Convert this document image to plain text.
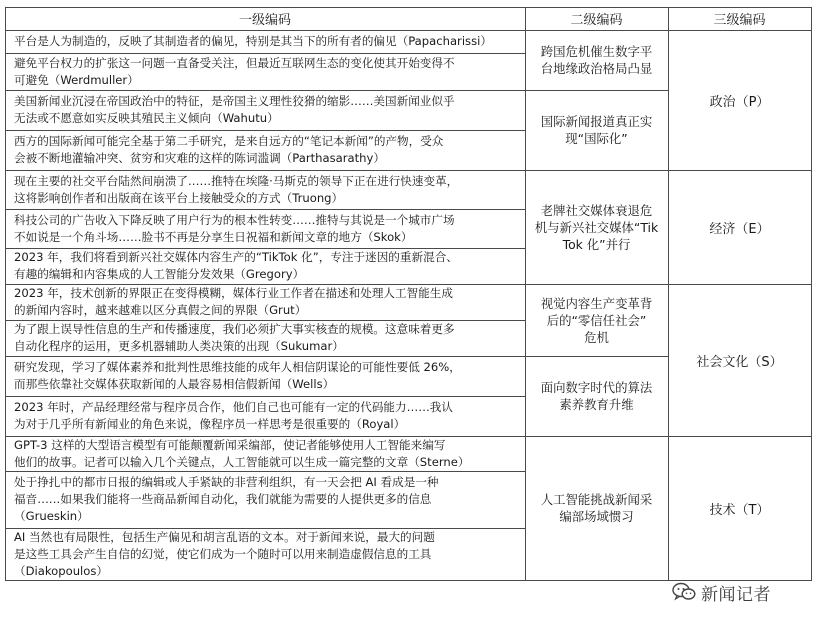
一级编码	二级编码	三级编码
平台是人为制造的，反映了其制造者的偏见，特别是其当下的所有者的偏见（Papacharissi）
避免平台权力的扩张这一问题一直备受关注，但最近互联网生态的变化使其开始变得不
可避免（Werdmuller）
美国新闻业沉浸在帝国政治中的特征，是帝国主义理性狡猾的缩影……美国新闻业似乎
无法或不愿意如实反映其殖民主义倾向（Wahutu）
西方的国际新闻可能完全基于第二手研究，是来自远方的“笔记本新闻”的产物，受众
会被不断地灌输冲突、贫穷和灾难的这样的陈词滥调（Parthasarathy）
现在主要的社交平台陆然间崩溃了……推特在埃隆·马斯克的领导下正在进行快速变革，
这将影响创作者和出版商在该平台上接触受众的方式（Truong）
科技公司的广告收入下降反映了用户行为的根本性转变……推特与其说是一个城市广场
不如说是一个角斗场……脸书不再是分享生日祝福和新闻文章的地方（Skok）
2023 年，我们将看到新兴社交媒体内容生产的“TikTok 化”，专注于迷因的重新混合、
有趣的编辑和内容集成的人工智能分发效果（Gregory）
2023 年，技术创新的界限正在变得模糊，媒体行业工作者在描述和处理人工智能生成
的新闻内容时，越来越难以区分真假之间的界限（Grut）
为了跟上误导性信息的生产和传播速度，我们必须扩大事实核查的规模。这意味着更多
自动化程序的运用，更多机器辅助人类决策的出现（Sukumar）
研究发现，学习了媒体素养和批判性思维技能的成年人相信阴谋论的可能性要低 26%，
而那些依靠社交媒体获取新闻的人最容易相信假新闻（Wells）
2023 年时，产品经理经常与程序员合作，他们自己也可能有一定的代码能力……我认
为对于几乎所有新闻业的角色来说，像程序员一样思考是很重要的（Royal）
GPT-3 这样的大型语言模型有可能颠覆新闻采编部，使记者能够使用人工智能来编写
他们的故事。记者可以输入几个关键点，人工智能就可以生成一篇完整的文章（Sterne）
处于挣扎中的都市日报的编辑或人手紧缺的非营利组织，有一天会把 AI 看成是一种
福音……如果我们能将一些商品新闻自动化，我们就能为需要的人提供更多的信息
（Grueskin）
AI 当然也有局限性，包括生产偏见和胡言乱语的文本。对于新闻来说，最大的问题
是这些工具会产生自信的幻觉，使它们成为一个随时可以用来制造虚假信息的工具
（Diakopoulos）
跨国危机催生数字平
台地缘政治格局凸显
国际新闻报道真正实
现“国际化”
老牌社交媒体衰退危
机与新兴社交媒体“Tik
Tok 化”并行
视觉内容生产变革背
后的“零信任社会”
危机
面向数字时代的算法
素养教育升维
人工智能挑战新闻采
编部场域惯习
政治（P）
经济（E）
社会文化（S）
技术（T）
新闻记者
